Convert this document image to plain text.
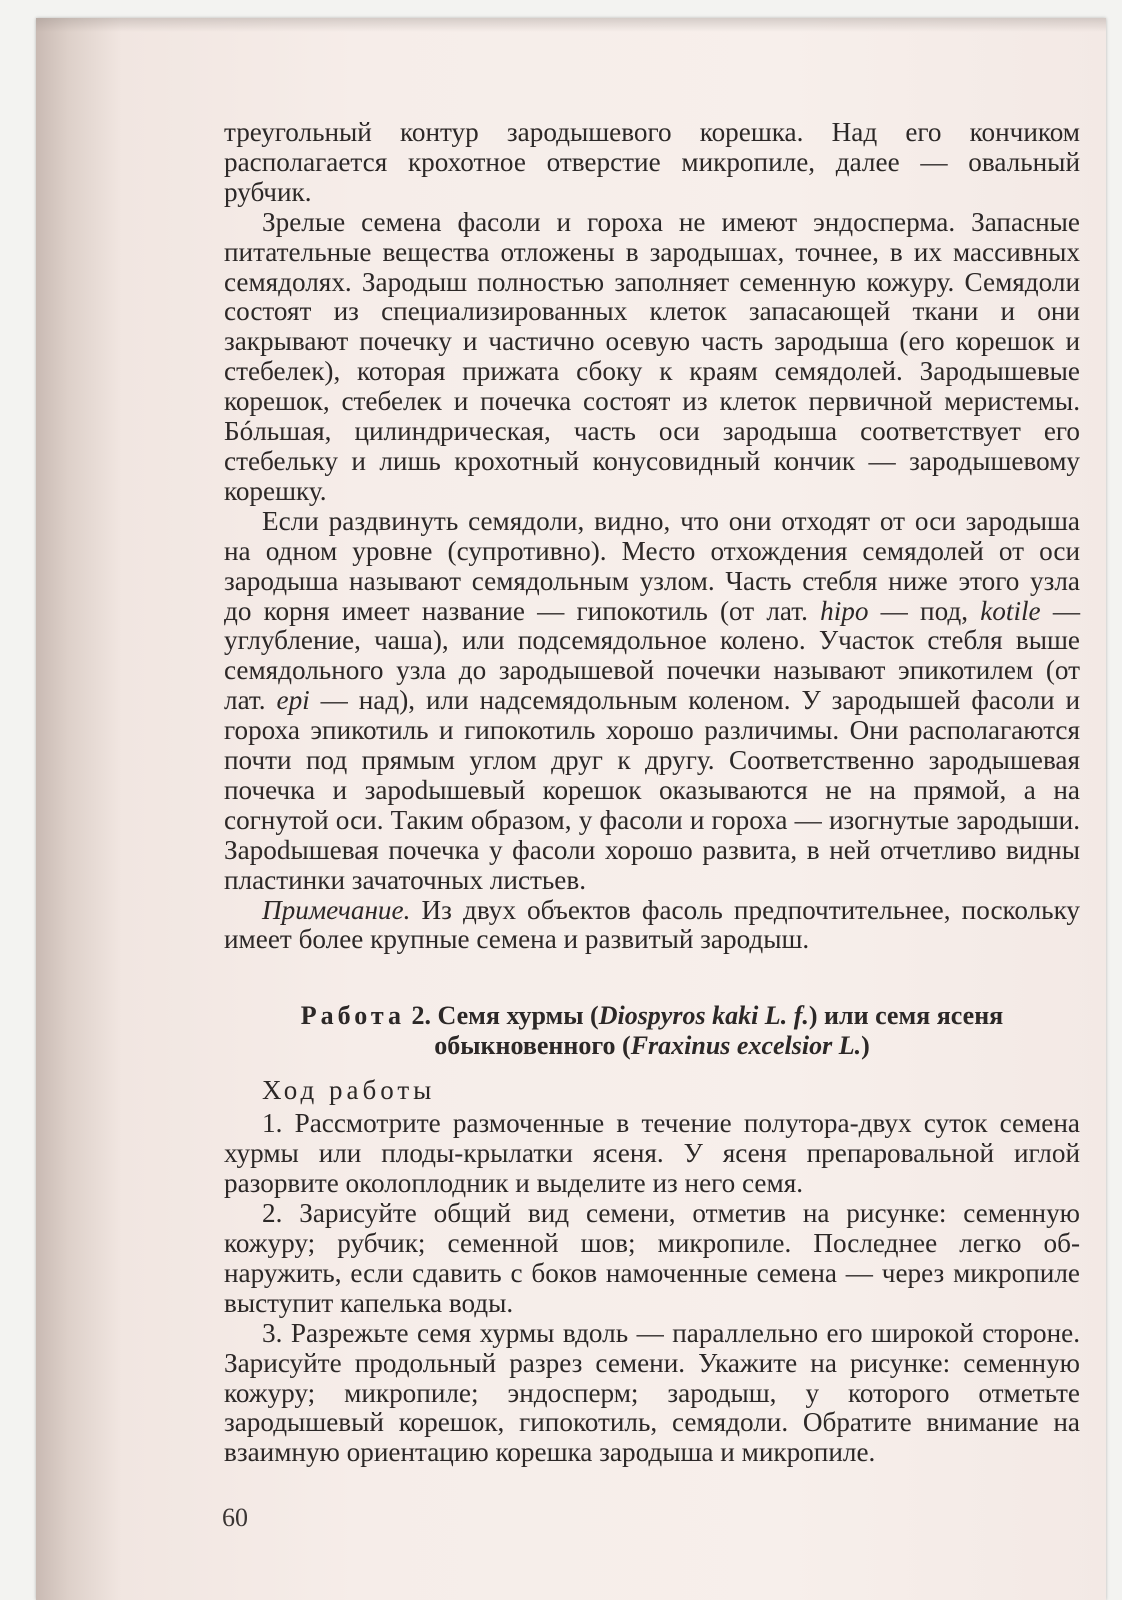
треугольный контур зародышевого корешка. Над его кончиком располагается крохотное отверстие микропиле, далее — овальный рубчик.

Зрелые семена фасоли и гороха не имеют эндосперма. Запасные питательные вещества отложены в зародышах, точнее, в их массивных семядолях. Зародыш полностью заполняет семенную кожуру. Семядоли состоят из специализированных клеток запасающей ткани и они закрывают почечку и частично осевую часть зародыша (его корешок и стебелек), которая прижата сбоку к краям семядолей. Зародышевые корешок, стебелек и почечка состоят из клеток первичной меристемы. Бóльшая, цилиндрическая, часть оси зародыша соответствует его стебельку и лишь крохотный конусовидный кончик — зародышевому корешку.

Если раздвинуть семядоли, видно, что они отходят от оси зародыша на одном уровне (супротивно). Место отхождения семядолей от оси зародыша называют семядольным узлом. Часть стебля ниже этого узла до корня имеет название — гипокотиль (от лат. hipo — под, kotile — углубление, чаша), или подсемядольное колено. Участок стебля выше семядольного узла до зародышевой почечки называют эпикотилем (от лат. epi — над), или надсемядольным коленом. У зародышей фасоли и гороха эпикотиль и гипокотиль хорошо различимы. Они располагаются почти под прямым углом друг к другу. Соответственно зародышевая почечка и зароdышевый корешок оказываются не на прямой, а на согнутой оси. Таким образом, у фасоли и гороха — изогнутые зародыши. Зароdышевая почечка у фасоли хорошо развита, в ней отчетливо видны пластинки зачаточных листьев.

Примечание. Из двух объектов фасоль предпочтительнее, поскольку имеет более крупные семена и развитый зародыш.

Работа 2. Семя хурмы (Diospyros kaki L. f.) или семя ясеня
обыкновенного (Fraxinus excelsior L.)
Ход работы

1. Рассмотрите размоченные в течение полутора-двух суток семена хурмы или плоды-крылатки ясеня. У ясеня препаровальной иглой разорвите околоплодник и выделите из него семя.

2. Зарисуйте общий вид семени, отметив на рисунке: семенную кожуру; рубчик; семенной шов; микропиле. Последнее легко обнаружить, если сдавить с боков намоченные семена — через микропиле выступит капелька воды.

3. Разрежьте семя хурмы вдоль — параллельно его широкой стороне. Зарисуйте продольный разрез семени. Укажите на рисунке: семенную кожуру; микропиле; эндосперм; зародыш, у которого отметьте зародышевый корешок, гипокотиль, семядоли. Обратите внимание на взаимную ориентацию корешка зародыша и микропиле.

60
